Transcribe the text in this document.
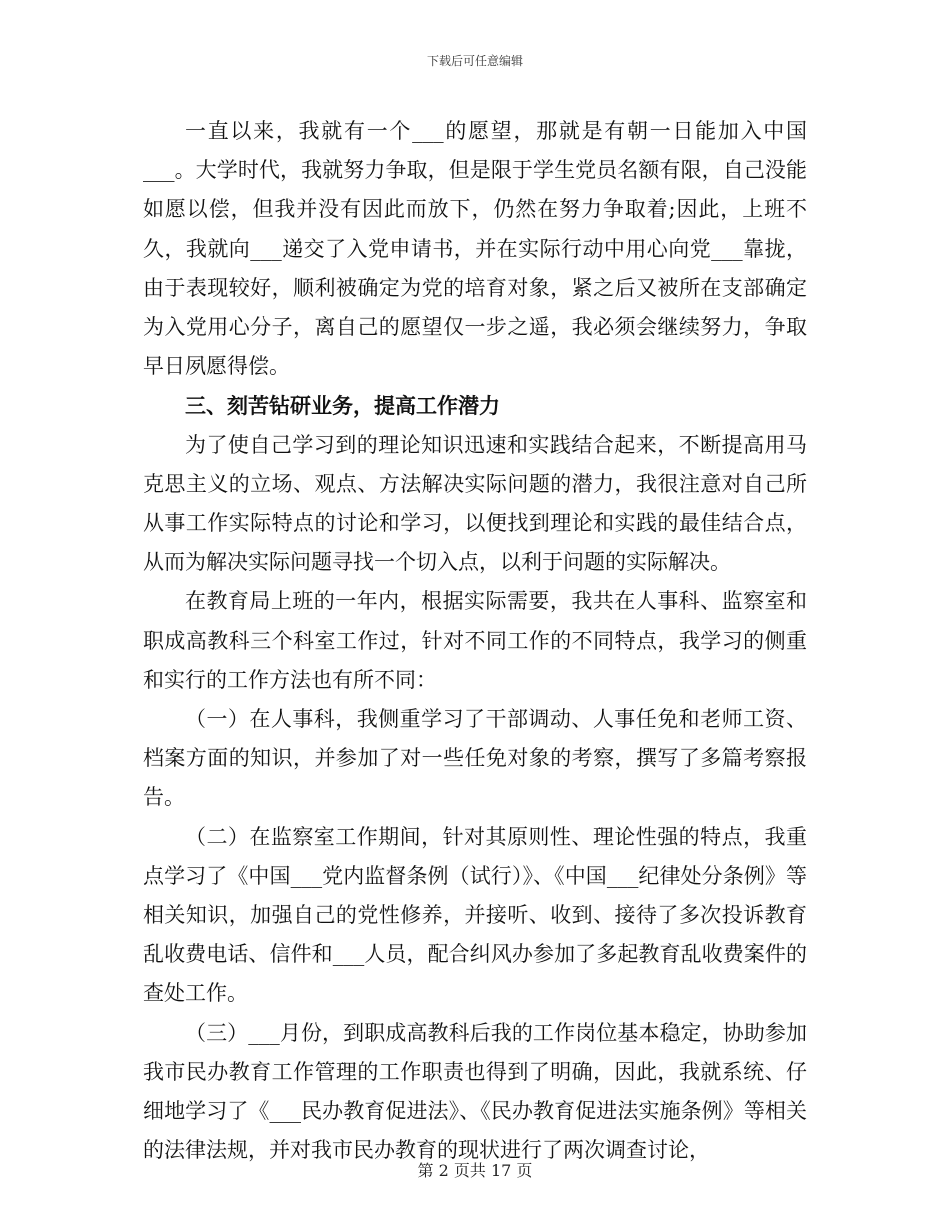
下载后可任意编辑

一直以来，我就有一个___的愿望，那就是有朝一日能加入中国___。大学时代，我就努力争取，但是限于学生党员名额有限，自己没能如愿以偿，但我并没有因此而放下，仍然在努力争取着;因此，上班不久，我就向___递交了入党申请书，并在实际行动中用心向党___靠拢，由于表现较好，顺利被确定为党的培育对象，紧之后又被所在支部确定为入党用心分子，离自己的愿望仅一步之遥，我必须会继续努力，争取早日夙愿得偿。

三、刻苦钻研业务，提高工作潜力

为了使自己学习到的理论知识迅速和实践结合起来，不断提高用马克思主义的立场、观点、方法解决实际问题的潜力，我很注意对自己所从事工作实际特点的讨论和学习，以便找到理论和实践的最佳结合点，从而为解决实际问题寻找一个切入点，以利于问题的实际解决。

在教育局上班的一年内，根据实际需要，我共在人事科、监察室和职成高教科三个科室工作过，针对不同工作的不同特点，我学习的侧重和实行的工作方法也有所不同：

（一）在人事科，我侧重学习了干部调动、人事任免和老师工资、档案方面的知识，并参加了对一些任免对象的考察，撰写了多篇考察报告。

（二）在监察室工作期间，针对其原则性、理论性强的特点，我重点学习了《中国___党内监督条例（试行）》、《中国___纪律处分条例》等相关知识，加强自己的党性修养，并接听、收到、接待了多次投诉教育乱收费电话、信件和___人员，配合纠风办参加了多起教育乱收费案件的查处工作。

（三）___月份，到职成高教科后我的工作岗位基本稳定，协助参加我市民办教育工作管理的工作职责也得到了明确，因此，我就系统、仔细地学习了《___民办教育促进法》、《民办教育促进法实施条例》等相关的法律法规，并对我市民办教育的现状进行了两次调查讨论，

第 2 页共 17 页
